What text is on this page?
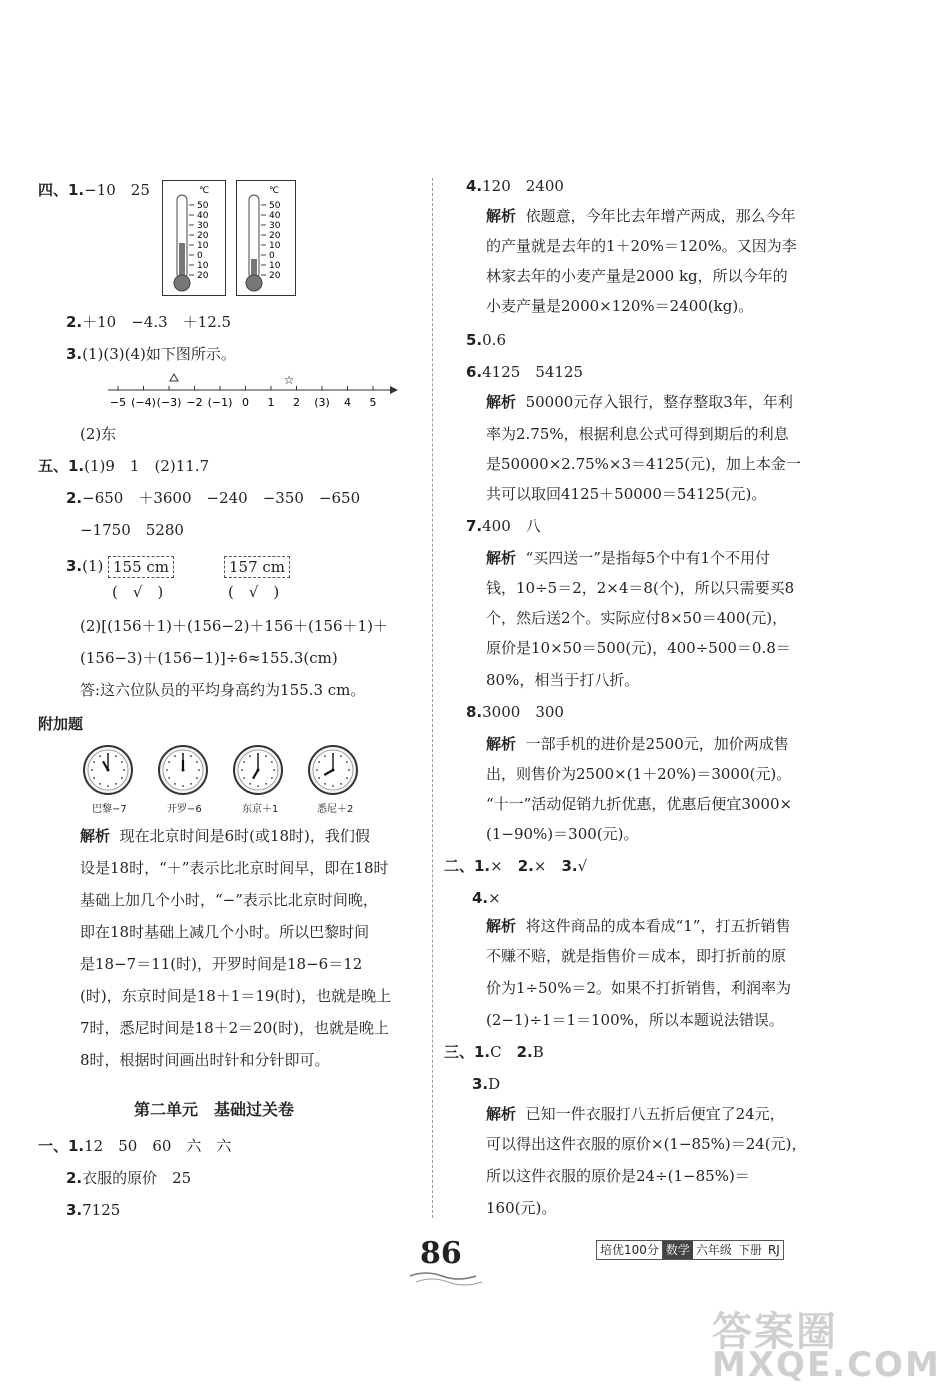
四、1.−10　25	℃
50
40
30
20
10
0
10
20
℃
50
40
30
20
10
0
10
20
2.＋10　−4.3　＋12.5
3.(1)(3)(4)如下图所示。
☆
−5 (−4) (−3) −2 (−1) 0 1 2 (3) 4 5
(2)东
五、1.(1)9　1　(2)11.7
2.−650　＋3600　−240　−350　−650
−1750　5280
3.(1) 155 cm	157 cm
(　√　)	(　√　)
(2)[(156＋1)＋(156−2)＋156＋(156＋1)＋
(156−3)＋(156−1)]÷6≈155.3(cm)
答:这六位队员的平均身高约为155.3 cm。
附加题
巴黎−7	开罗−6	东京＋1	悉尼＋2
解析 现在北京时间是6时(或18时)，我们假
设是18时，“＋”表示比北京时间早，即在18时
基础上加几个小时，“−”表示比北京时间晚，
即在18时基础上减几个小时。所以巴黎时间
是18−7＝11(时)，开罗时间是18−6＝12
(时)，东京时间是18＋1＝19(时)，也就是晚上
7时，悉尼时间是18＋2＝20(时)，也就是晚上
8时，根据时间画出时针和分针即可。
第二单元　基础过关卷
一、1.12　50　60　六　六
2.衣服的原价　25
3.7125
4.120　2400
解析 依题意，今年比去年增产两成，那么今年
的产量就是去年的1＋20%＝120%。又因为李
林家去年的小麦产量是2000 kg，所以今年的
小麦产量是2000×120%＝2400(kg)。
5.0.6
6.4125　54125
解析 50000元存入银行，整存整取3年，年利
率为2.75%，根据利息公式可得到期后的利息
是50000×2.75%×3＝4125(元)，加上本金一
共可以取回4125＋50000＝54125(元)。
7.400　八
解析 “买四送一”是指每5个中有1个不用付
钱，10÷5＝2，2×4＝8(个)，所以只需要买8
个，然后送2个。实际应付8×50＝400(元)，
原价是10×50＝500(元)，400÷500＝0.8＝
80%，相当于打八折。
8.3000　300
解析 一部手机的进价是2500元，加价两成售
出，则售价为2500×(1＋20%)＝3000(元)。
“十一”活动促销九折优惠，优惠后便宜3000×
(1−90%)＝300(元)。
二、1.×　2.×　3.√
4.×
解析 将这件商品的成本看成“1”，打五折销售
不赚不赔，就是指售价＝成本，即打折前的原
价为1÷50%＝2。如果不打折销售，利润率为
(2−1)÷1＝1＝100%，所以本题说法错误。
三、1.C　2.B
3.D
解析 已知一件衣服打八五折后便宜了24元，
可以得出这件衣服的原价×(1−85%)＝24(元)，
所以这件衣服的原价是24÷(1−85%)＝
160(元)。
86	培优100分 数学 六年级 下册 RJ
答案圈
MXQE.COM
